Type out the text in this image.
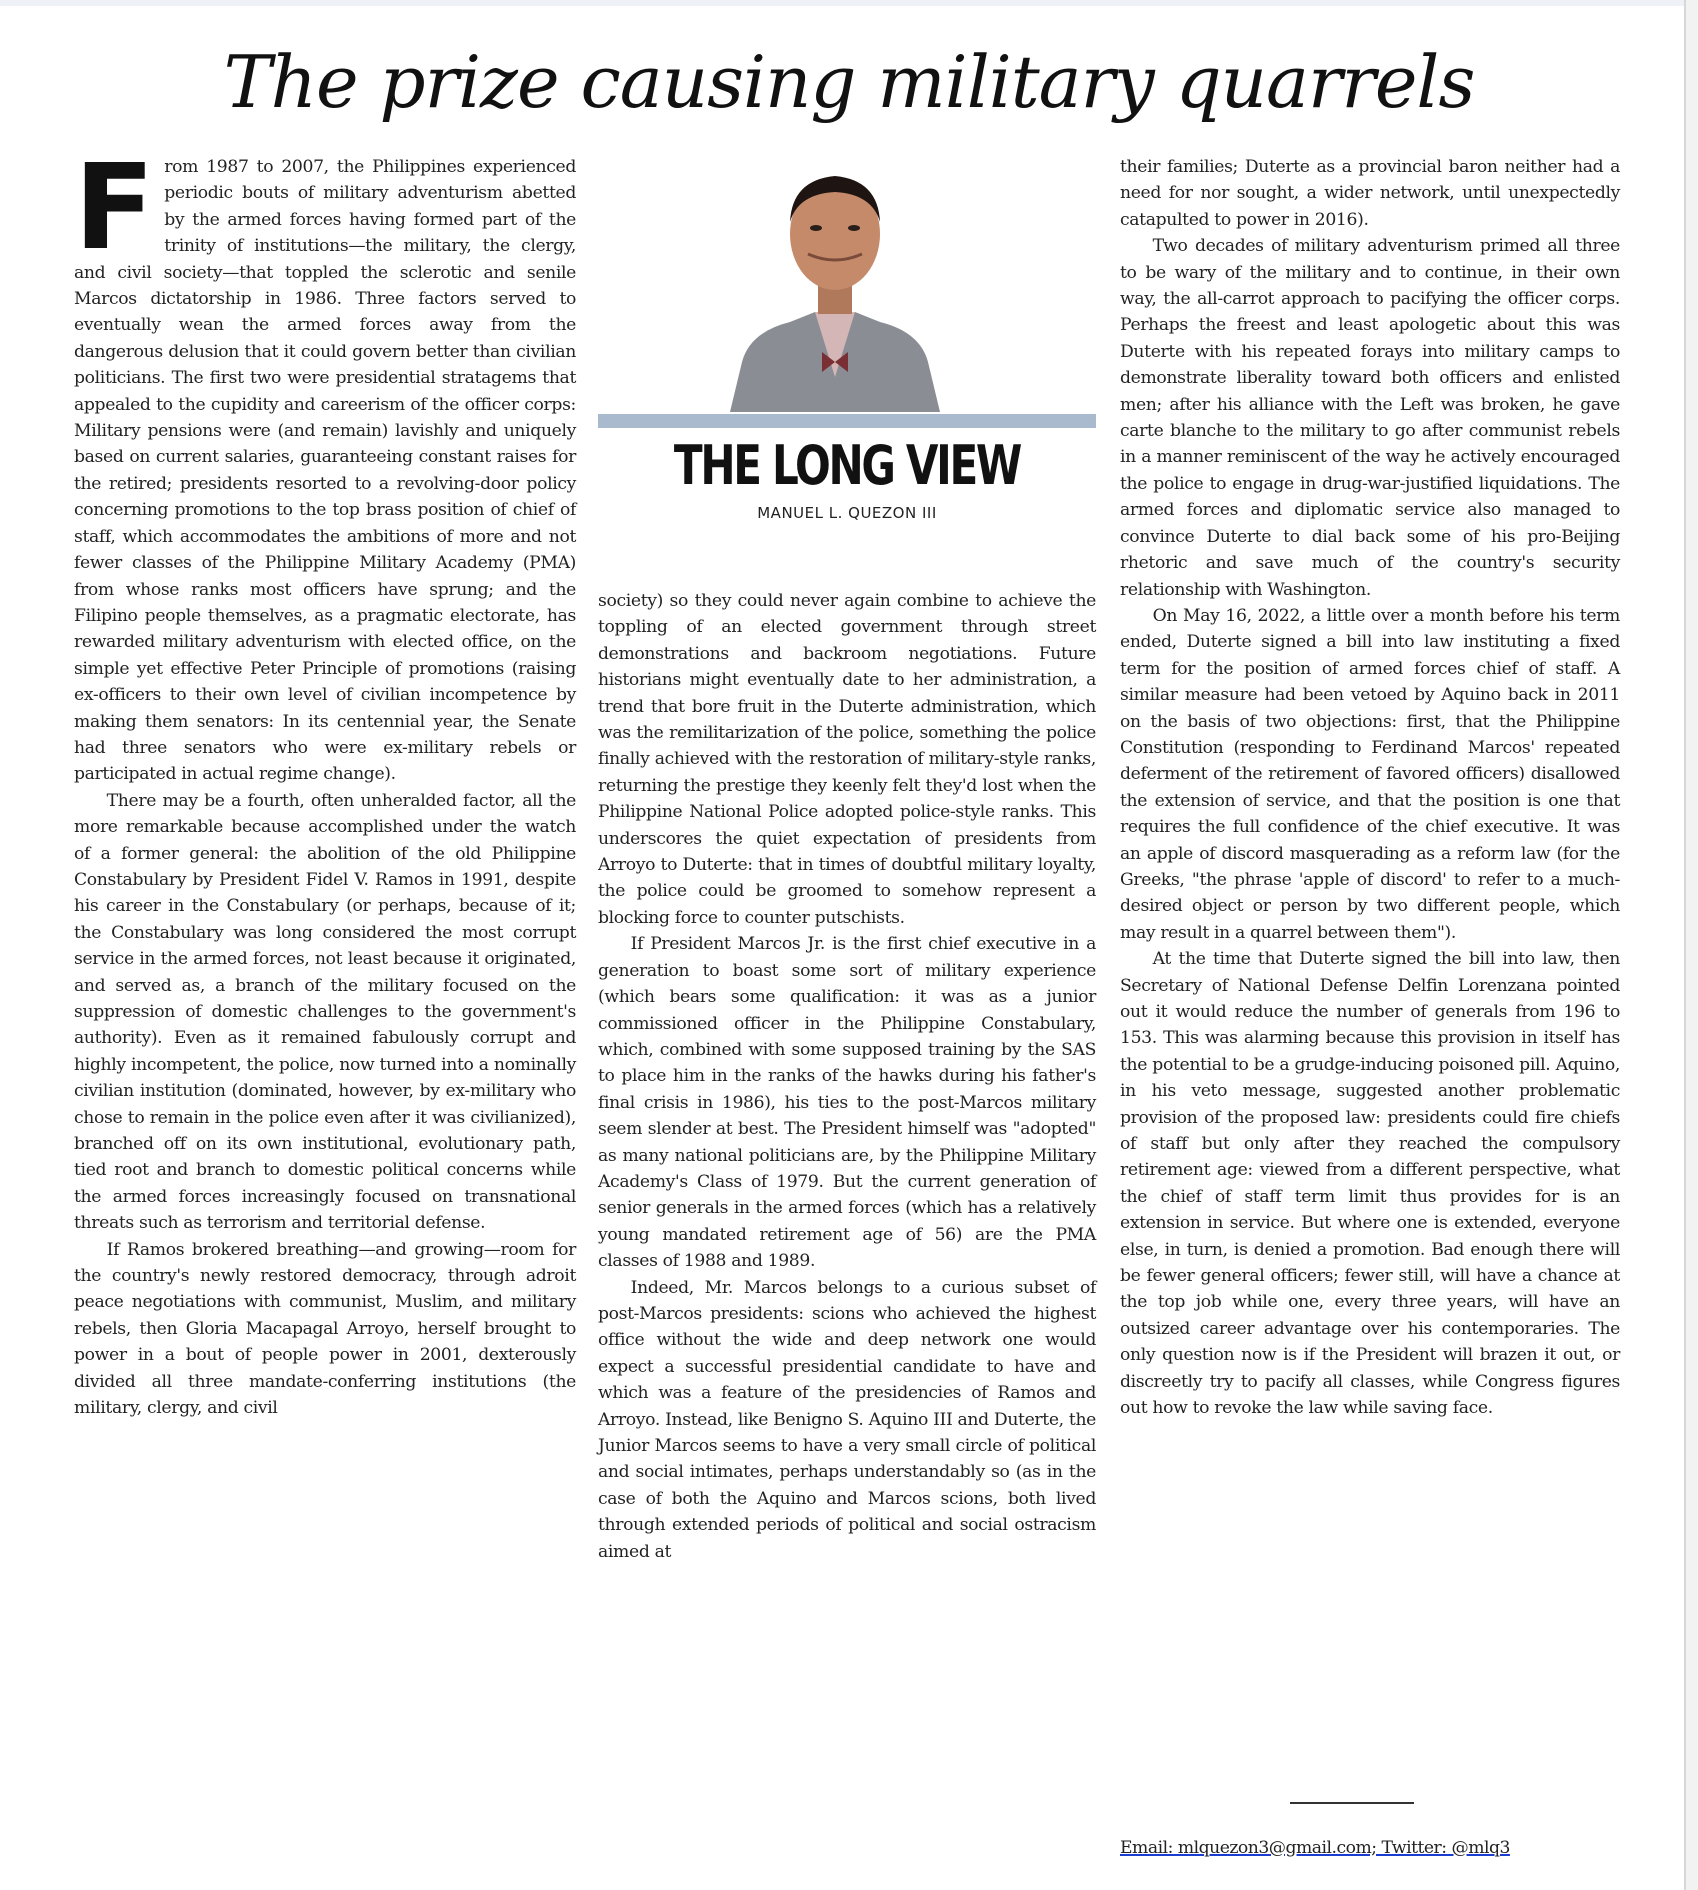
The prize causing military quarrels

From 1987 to 2007, the Philippines experienced periodic bouts of military adventurism abetted by the armed forces having formed part of the trinity of institutions—the military, the clergy, and civil society—that toppled the sclerotic and senile Marcos dictatorship in 1986. Three factors served to eventually wean the armed forces away from the dangerous delusion that it could govern better than civilian politicians. The first two were presidential stratagems that appealed to the cupidity and careerism of the officer corps: Military pensions were (and remain) lavishly and uniquely based on current salaries, guaranteeing constant raises for the retired; presidents resorted to a revolving-door policy concerning promotions to the top brass position of chief of staff, which accommodates the ambitions of more and not fewer classes of the Philippine Military Academy (PMA) from whose ranks most officers have sprung; and the Filipino people themselves, as a pragmatic electorate, has rewarded military adventurism with elected office, on the simple yet effective Peter Principle of promotions (raising ex-officers to their own level of civilian incompetence by making them senators: In its centennial year, the Senate had three senators who were ex-military rebels or participated in actual regime change).

There may be a fourth, often unheralded factor, all the more remarkable because accomplished under the watch of a former general: the abolition of the old Philippine Constabulary by President Fidel V. Ramos in 1991, despite his career in the Constabulary (or perhaps, because of it; the Constabulary was long considered the most corrupt service in the armed forces, not least because it originated, and served as, a branch of the military focused on the suppression of domestic challenges to the government's authority). Even as it remained fabulously corrupt and highly incompetent, the police, now turned into a nominally civilian institution (dominated, however, by ex-military who chose to remain in the police even after it was civilianized), branched off on its own institutional, evolutionary path, tied root and branch to domestic political concerns while the armed forces increasingly focused on transnational threats such as terrorism and territorial defense.

If Ramos brokered breathing—and growing—room for the country's newly restored democracy, through adroit peace negotiations with communist, Muslim, and military rebels, then Gloria Macapagal Arroyo, herself brought to power in a bout of people power in 2001, dexterously divided all three mandate-conferring institutions (the military, clergy, and civil

THE LONG VIEW
MANUEL L. QUEZON III

society) so they could never again combine to achieve the toppling of an elected government through street demonstrations and backroom negotiations. Future historians might eventually date to her administration, a trend that bore fruit in the Duterte administration, which was the remilitarization of the police, something the police finally achieved with the restoration of military-style ranks, returning the prestige they keenly felt they'd lost when the Philippine National Police adopted police-style ranks. This underscores the quiet expectation of presidents from Arroyo to Duterte: that in times of doubtful military loyalty, the police could be groomed to somehow represent a blocking force to counter putschists.

If President Marcos Jr. is the first chief executive in a generation to boast some sort of military experience (which bears some qualification: it was as a junior commissioned officer in the Philippine Constabulary, which, combined with some supposed training by the SAS to place him in the ranks of the hawks during his father's final crisis in 1986), his ties to the post-Marcos military seem slender at best. The President himself was "adopted" as many national politicians are, by the Philippine Military Academy's Class of 1979. But the current generation of senior generals in the armed forces (which has a relatively young mandated retirement age of 56) are the PMA classes of 1988 and 1989.

Indeed, Mr. Marcos belongs to a curious subset of post-Marcos presidents: scions who achieved the highest office without the wide and deep network one would expect a successful presidential candidate to have and which was a feature of the presidencies of Ramos and Arroyo. Instead, like Benigno S. Aquino III and Duterte, the Junior Marcos seems to have a very small circle of political and social intimates, perhaps understandably so (as in the case of both the Aquino and Marcos scions, both lived through extended periods of political and social ostracism aimed at

their families; Duterte as a provincial baron neither had a need for nor sought, a wider network, until unexpectedly catapulted to power in 2016).

Two decades of military adventurism primed all three to be wary of the military and to continue, in their own way, the all-carrot approach to pacifying the officer corps. Perhaps the freest and least apologetic about this was Duterte with his repeated forays into military camps to demonstrate liberality toward both officers and enlisted men; after his alliance with the Left was broken, he gave carte blanche to the military to go after communist rebels in a manner reminiscent of the way he actively encouraged the police to engage in drug-war-justified liquidations. The armed forces and diplomatic service also managed to convince Duterte to dial back some of his pro-Beijing rhetoric and save much of the country's security relationship with Washington.

On May 16, 2022, a little over a month before his term ended, Duterte signed a bill into law instituting a fixed term for the position of armed forces chief of staff. A similar measure had been vetoed by Aquino back in 2011 on the basis of two objections: first, that the Philippine Constitution (responding to Ferdinand Marcos' repeated deferment of the retirement of favored officers) disallowed the extension of service, and that the position is one that requires the full confidence of the chief executive. It was an apple of discord masquerading as a reform law (for the Greeks, "the phrase 'apple of discord' to refer to a much-desired object or person by two different people, which may result in a quarrel between them").

At the time that Duterte signed the bill into law, then Secretary of National Defense Delfin Lorenzana pointed out it would reduce the number of generals from 196 to 153. This was alarming because this provision in itself has the potential to be a grudge-inducing poisoned pill. Aquino, in his veto message, suggested another problematic provision of the proposed law: presidents could fire chiefs of staff but only after they reached the compulsory retirement age: viewed from a different perspective, what the chief of staff term limit thus provides for is an extension in service. But where one is extended, everyone else, in turn, is denied a promotion. Bad enough there will be fewer general officers; fewer still, will have a chance at the top job while one, every three years, will have an outsized career advantage over his contemporaries. The only question now is if the President will brazen it out, or discreetly try to pacify all classes, while Congress figures out how to revoke the law while saving face.

Email: mlquezon3@gmail.com; Twitter: @mlq3
